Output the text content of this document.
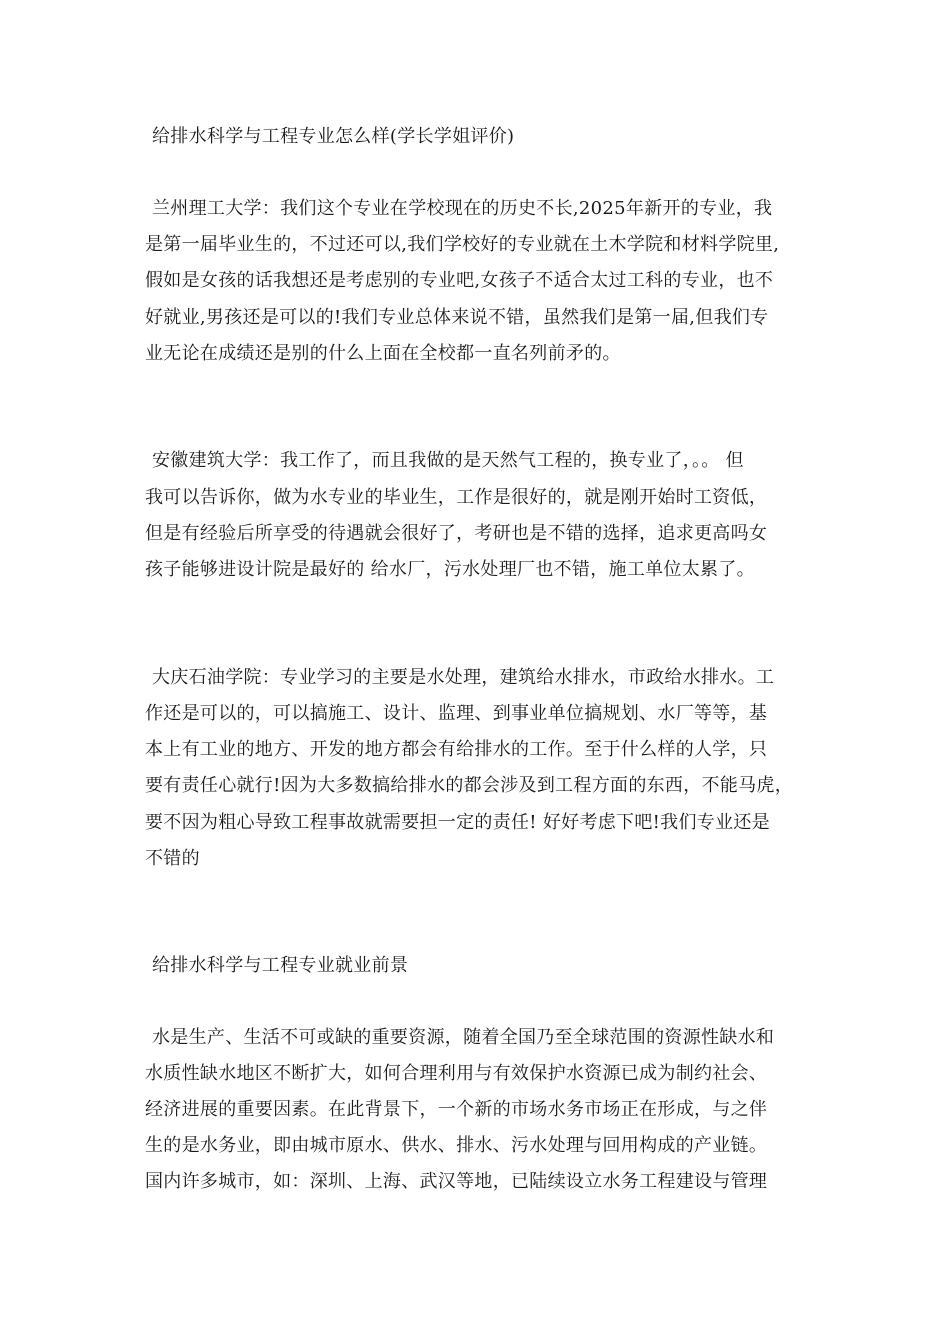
给排水科学与工程专业怎么样(学长学姐评价)

兰州理工大学：我们这个专业在学校现在的历史不长,2025年新开的专业，我

是第一届毕业生的，不过还可以,我们学校好的专业就在土木学院和材料学院里,

假如是女孩的话我想还是考虑别的专业吧,女孩子不适合太过工科的专业，也不

好就业,男孩还是可以的!我们专业总体来说不错，虽然我们是第一届,但我们专

业无论在成绩还是别的什么上面在全校都一直名列前矛的。

安徽建筑大学：我工作了，而且我做的是天然气工程的，换专业了，。。 但

我可以告诉你，做为水专业的毕业生，工作是很好的，就是刚开始时工资低，

但是有经验后所享受的待遇就会很好了，考研也是不错的选择，追求更高吗女

孩子能够进设计院是最好的 给水厂，污水处理厂也不错，施工单位太累了。

大庆石油学院：专业学习的主要是水处理，建筑给水排水，市政给水排水。工

作还是可以的，可以搞施工、设计、监理、到事业单位搞规划、水厂等等，基

本上有工业的地方、开发的地方都会有给排水的工作。至于什么样的人学，只

要有责任心就行!因为大多数搞给排水的都会涉及到工程方面的东西，不能马虎，

要不因为粗心导致工程事故就需要担一定的责任! 好好考虑下吧!我们专业还是

不错的

给排水科学与工程专业就业前景

水是生产、生活不可或缺的重要资源，随着全国乃至全球范围的资源性缺水和

水质性缺水地区不断扩大，如何合理利用与有效保护水资源已成为制约社会、

经济进展的重要因素。在此背景下，一个新的市场水务市场正在形成，与之伴

生的是水务业，即由城市原水、供水、排水、污水处理与回用构成的产业链。

国内许多城市，如：深圳、上海、武汉等地，已陆续设立水务工程建设与管理
